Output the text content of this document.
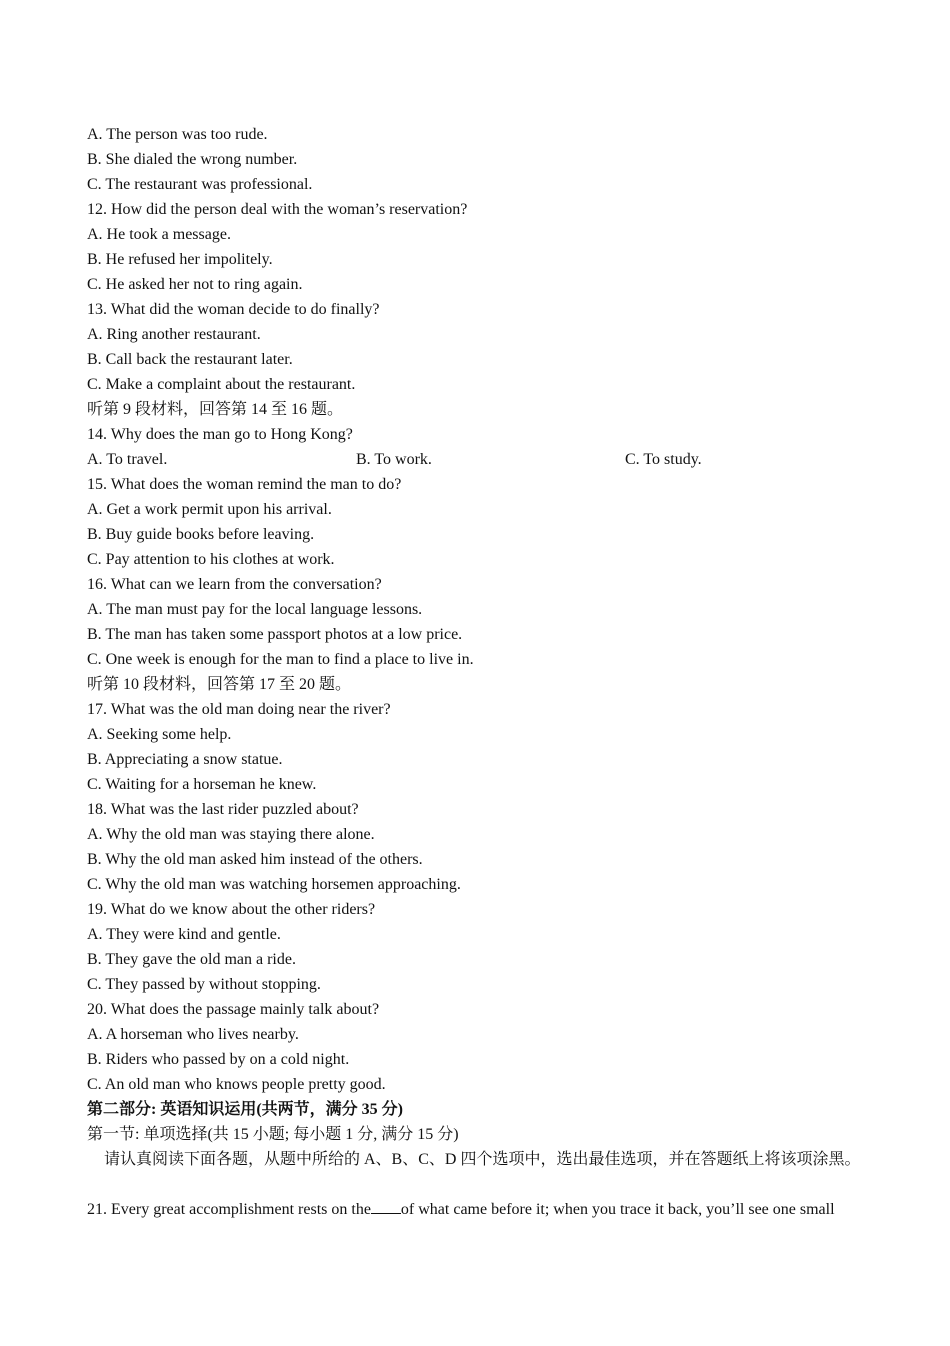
A. The person was too rude.
B. She dialed the wrong number.
C. The restaurant was professional.
12. How did the person deal with the woman’s reservation?
A. He took a message.
B. He refused her impolitely.
C. He asked her not to ring again.
13. What did the woman decide to do finally?
A. Ring another restaurant.
B. Call back the restaurant later.
C. Make a complaint about the restaurant.
听第 9 段材料，回答第 14 至 16 题。
14. Why does the man go to Hong Kong?
A. To travel.	B. To work.	C. To study.
15. What does the woman remind the man to do?
A. Get a work permit upon his arrival.
B. Buy guide books before leaving.
C. Pay attention to his clothes at work.
16. What can we learn from the conversation?
A. The man must pay for the local language lessons.
B. The man has taken some passport photos at a low price.
C. One week is enough for the man to find a place to live in.
听第 10 段材料，回答第 17 至 20 题。
17. What was the old man doing near the river?
A. Seeking some help.
B. Appreciating a snow statue.
C. Waiting for a horseman he knew.
18. What was the last rider puzzled about?
A. Why the old man was staying there alone.
B. Why the old man asked him instead of the others.
C. Why the old man was watching horsemen approaching.
19. What do we know about the other riders?
A. They were kind and gentle.
B. They gave the old man a ride.
C. They passed by without stopping.
20. What does the passage mainly talk about?
A. A horseman who lives nearby.
B. Riders who passed by on a cold night.
C. An old man who knows people pretty good.
第二部分: 英语知识运用(共两节，满分 35 分)
第一节: 单项选择(共 15 小题; 每小题 1 分, 满分 15 分)
请认真阅读下面各题，从题中所给的 A、B、C、D 四个选项中，选出最佳选项，并在答题纸上将该项涂黑。
21. Every great accomplishment rests on the of what came before it; when you trace it back, you’ll see one small
